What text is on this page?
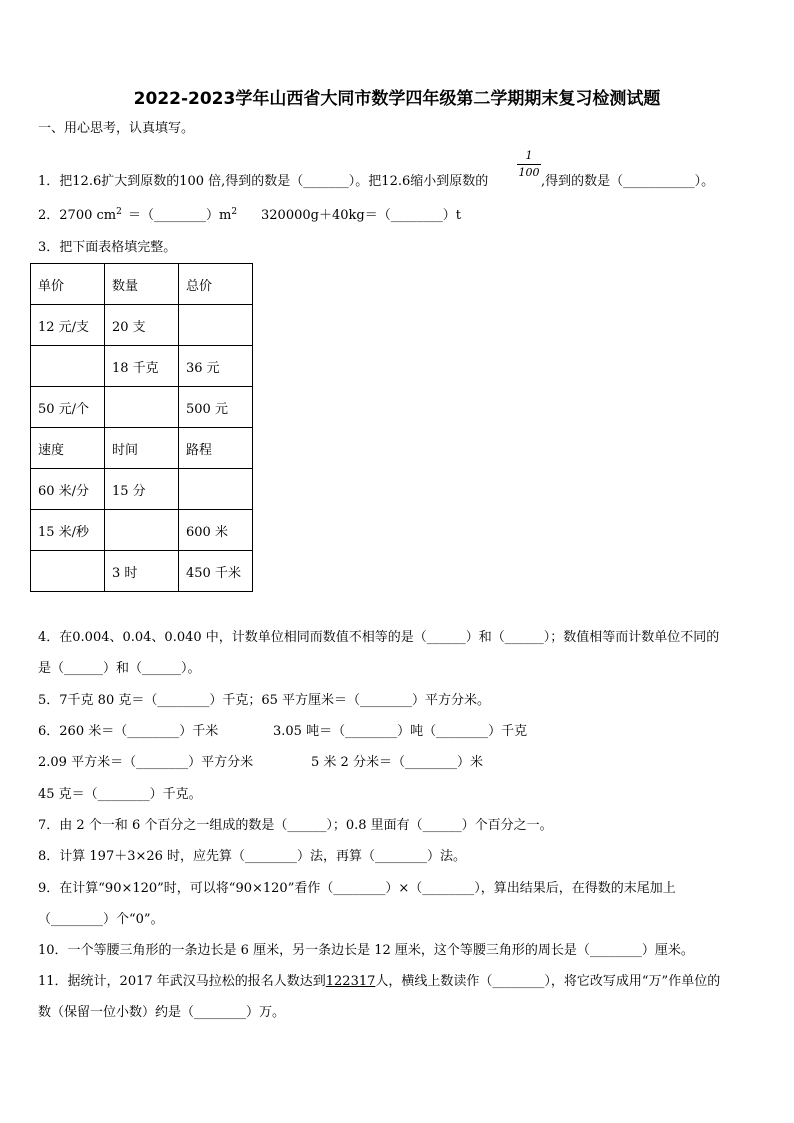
2022-2023学年山西省大同市数学四年级第二学期期末复习检测试题
一、用心思考，认真填写。
1
100
1．把12.6扩大到原数的100 倍,得到的数是（_______）。把12.6缩小到原数的	,得到的数是（___________）。
2．2700 $cm^2$ $=(\_\_\_\_\_\_\_\_)m^2$ 320000g＋40kg＝（________）t
3．把下面表格填完整。
单价	数量	总价
12 元/支	20 支	
	18 千克	36 元
50 元/个		500 元
速度	时间	路程
60 米/分	15 分	
15 米/秒		600 米
	3 时	450 千米
4．在0.004、0.04、0.040 中，计数单位相同而数值不相等的是（______）和（______）；数值相等而计数单位不同的
是（______）和（______）。
5．7千克 80 克＝（________）千克；65 平方厘米＝（________）平方分米。
6．260 米＝（________）千米	3.05 吨＝（________）吨（________）千克
2.09 平方米＝（________）平方分米	5 米 2 分米＝（________）米
45 克＝（________）千克。
7．由 2 个一和 6 个百分之一组成的数是（______）；0.8 里面有（______）个百分之一。
8．计算 197＋3×26 时，应先算（________）法，再算（________）法。
9．在计算“90×120”时，可以将“90×120”看作（________）×（________），算出结果后，在得数的末尾加上
（________）个“0”。
10．一个等腰三角形的一条边长是 6 厘米，另一条边长是 12 厘米，这个等腰三角形的周长是（________）厘米。
11．据统计，2017 年武汉马拉松的报名人数达到122317人，横线上数读作（________），将它改写成用“万”作单位的
数（保留一位小数）约是（________）万。
